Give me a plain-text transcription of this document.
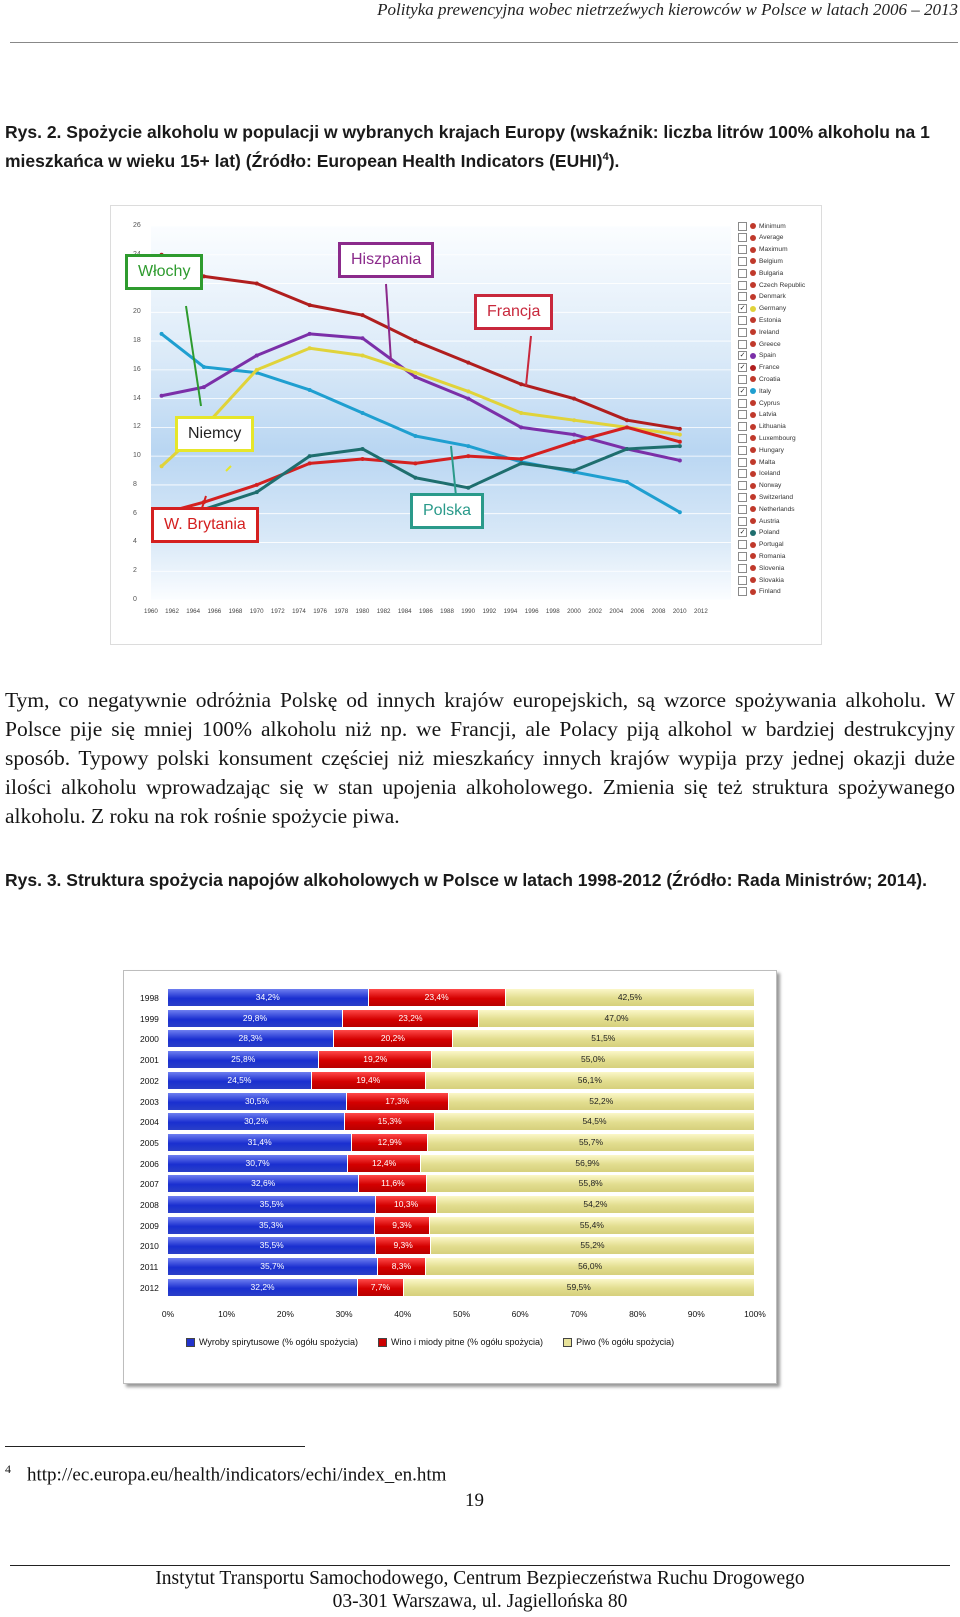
Polityka prewencyjna wobec nietrzeźwych kierowców w Polsce w latach 2006 – 2013
Rys. 2. Spożycie alkoholu w populacji w wybranych krajach Europy (wskaźnik: liczba litrów 100% alkoholu na 1 mieszkańca w wieku 15+ lat) (Źródło: European Health Indicators (EUHI)$^4$).
0
2
4
6
8
10
12
14
16
18
20
26
1960 1962 1964 1966 1968 1970 1972 1974 1976 1978 1980 1982 1984 1986 1988 1990 1992 1994 1996 1998 2000 2002 2004 2006 2008 2010 2012
Minimum
Average
Maximum
Belgium
Bulgaria
Czech Republic
Denmark
✓ Germany
Estonia
Ireland
Greece
✓ Spain
✓ France
Croatia
✓ Italy
Cyprus
Latvia
Lithuania
Luxembourg
Hungary
Malta
Iceland
Norway
Switzerland
Netherlands
Austria
✓ Poland
Portugal
Romania
Slovenia
Slovakia
Finland
Włochy
Hiszpania
Francja
Niemcy
W. Brytania
Polska
Tym, co negatywnie odróżnia Polskę od innych krajów europejskich, są wzorce spożywania alkoholu. W Polsce pije się mniej 100% alkoholu niż np. we Francji, ale Polacy piją alkohol w bardziej destrukcyjny sposób. Typowy polski konsument częściej niż mieszkańcy innych krajów wypija przy jednej okazji duże ilości alkoholu wprowadzając się w stan upojenia alkoholowego. Zmienia się też struktura spożywanego alkoholu. Z roku na rok rośnie spożycie piwa.
Rys. 3. Struktura spożycia napojów alkoholowych w Polsce w latach 1998-2012 (Źródło: Rada Ministrów; 2014).
1998	34,2%	23,4%	42,5%
1999	29,8%	23,2%	47,0%
2000	28,3%	20,2%	51,5%
2001	25,8%	19,2%	55,0%
2002	24,5%	19,4%	56,1%
2003	30,5%	17,3%	52,2%
2004	30,2%	15,3%	54,5%
2005	31,4%	12,9%	55,7%
2006	30,7%	12,4%	56,9%
2007	32,6%	11,6%	55,8%
2008	35,5%	10,3%	54,2%
2009	35,3%	9,3%	55,4%
2010	35,5%	9,3%	55,2%
2011	35,7%	8,3%	56,0%
2012	32,2%	7,7%	59,5%
0%	10%	20%	30%	40%	50%	60%	70%	80%	90%	100%
Wyroby spirytusowe (% ogółu spożycia)	Wino i miody pitne (% ogółu spożycia)	Piwo (% ogółu spożycia)
$^4$ http://ec.europa.eu/health/indicators/echi/index_en.htm
19
Instytut Transportu Samochodowego, Centrum Bezpieczeństwa Ruchu Drogowego
03-301 Warszawa, ul. Jagiellońska 80
